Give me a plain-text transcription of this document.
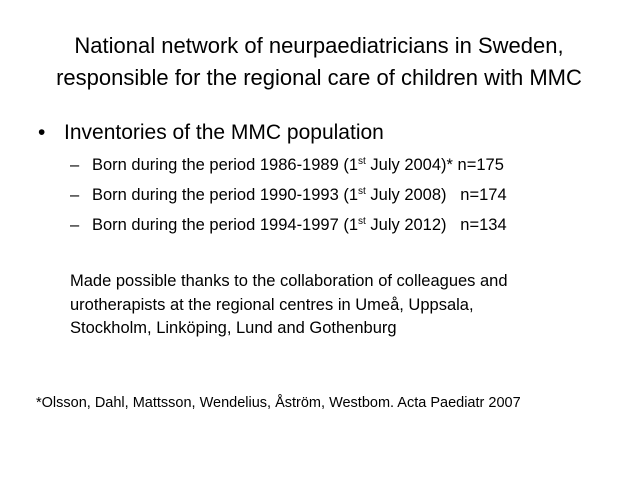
National network of neurpaediatricians in Sweden,
responsible for the regional care of children with MMC
• Inventories of the MMC population
– Born during the period 1986-1989 (1st July 2004)* n=175
– Born during the period 1990-1993 (1st July 2008)   n=174
– Born during the period 1994-1997 (1st July 2012)   n=134
Made possible thanks to the collaboration of colleagues and
urotherapists at the regional centres in Umeå, Uppsala,
Stockholm, Linköping, Lund and Gothenburg
*Olsson, Dahl, Mattsson, Wendelius, Åström, Westbom. Acta Paediatr 2007
